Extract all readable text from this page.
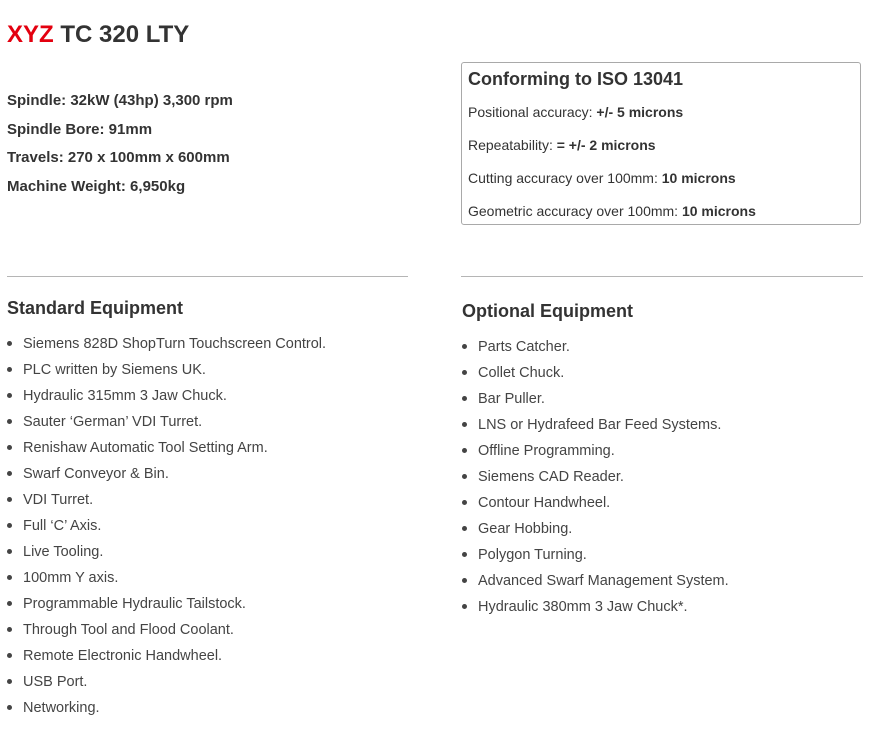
XYZ TC 320 LTY
Spindle: 32kW (43hp) 3,300 rpm
Spindle Bore: 91mm
Travels: 270 x 100mm x 600mm
Machine Weight: 6,950kg
Conforming to ISO 13041
Positional accuracy: +/- 5 microns
Repeatability: = +/- 2 microns
Cutting accuracy over 100mm: 10 microns
Geometric accuracy over 100mm: 10 microns
Standard Equipment
Siemens 828D ShopTurn Touchscreen Control.
PLC written by Siemens UK.
Hydraulic 315mm 3 Jaw Chuck.
Sauter ‘German’ VDI Turret.
Renishaw Automatic Tool Setting Arm.
Swarf Conveyor & Bin.
VDI Turret.
Full ‘C’ Axis.
Live Tooling.
100mm Y axis.
Programmable Hydraulic Tailstock.
Through Tool and Flood Coolant.
Remote Electronic Handwheel.
USB Port.
Networking.
Optional Equipment
Parts Catcher.
Collet Chuck.
Bar Puller.
LNS or Hydrafeed Bar Feed Systems.
Offline Programming.
Siemens CAD Reader.
Contour Handwheel.
Gear Hobbing.
Polygon Turning.
Advanced Swarf Management System.
Hydraulic 380mm 3 Jaw Chuck*.
